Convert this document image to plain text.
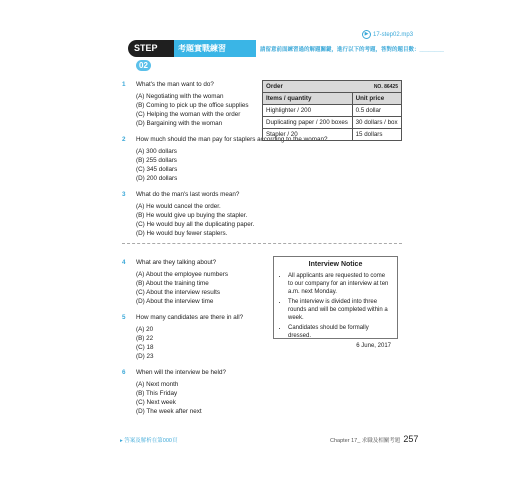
▶ 17-step02.mp3
STEP 02
考題實戰練習	請留意前面練習過的解題關鍵，進行以下的考題，答對的題目數：________
1	What's the man want to do?
(A) Negotiating with the woman
(B) Coming to pick up the office supplies
(C) Helping the woman with the order
(D) Bargaining with the woman
2	How much should the man pay for staplers according to the woman?
(A) 300 dollars
(B) 255 dollars
(C) 345 dollars
(D) 200 dollars
3	What do the man's last words mean?
(A) He would cancel the order.
(B) He would give up buying the stapler.
(C) He would buy all the duplicating paper.
(D) He would buy fewer staplers.
Order NO. 86425	

Items / quantity	Unit price
Highlighter / 200	0.5 dollar
Duplicating paper / 200 boxes	30 dollars / box
Stapler / 20	15 dollars
4	What are they talking about?
(A) About the employee numbers
(B) About the training time
(C) About the interview results
(D) About the interview time
5	How many candidates are there in all?
(A) 20
(B) 22
(C) 18
(D) 23
6	When will the interview be held?
(A) Next month
(B) This Friday
(C) Next week
(D) The week after next
Interview Notice
• All applicants are requested to come to our company for an interview at ten a.m. next Monday.
• The interview is divided into three rounds and will be completed within a week.
• Candidates should be formally dressed.
6 June, 2017
▸ 答案及解析在第000頁	Chapter 17_ 求職及相關考題 257
